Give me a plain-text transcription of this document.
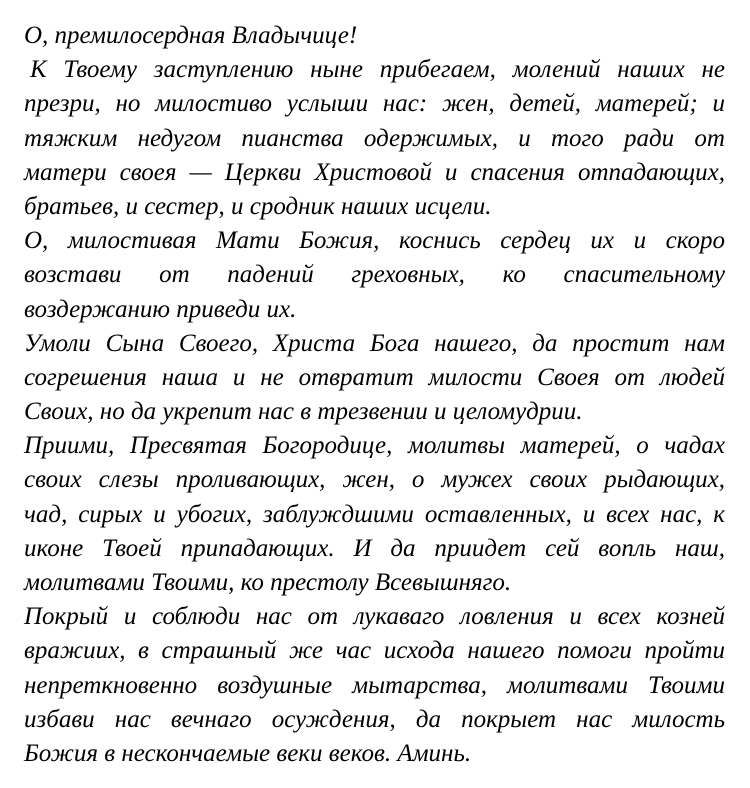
О, премилосердная Владычице!
К Твоему заступлению ныне прибегаем, молений наших не
презри, но милостиво услыши нас: жен, детей, матерей; и
тяжким недугом пианства одержимых, и того ради от
матери своея — Церкви Христовой и спасения отпадающих,
братьев, и сестер, и сродник наших исцели.
О, милостивая Мати Божия, коснись сердец их и скоро
возстави от падений греховных, ко спасительному
воздержанию приведи их.
Умоли Сына Своего, Христа Бога нашего, да простит нам
согрешения наша и не отвратит милости Своея от людей
Своих, но да укрепит нас в трезвении и целомудрии.
Приими, Пресвятая Богородице, молитвы матерей, о чадах
своих слезы проливающих, жен, о мужех своих рыдающих,
чад, сирых и убогих, заблуждшими оставленных, и всех нас, к
иконе Твоей припадающих. И да приидет сей вопль наш,
молитвами Твоими, ко престолу Всевышняго.
Покрый и соблюди нас от лукаваго ловления и всех козней
вражиих, в страшный же час исхода нашего помоги пройти
непреткновенно воздушные мытарства, молитвами Твоими
избави нас вечнаго осуждения, да покрыет нас милость
Божия в нескончаемые веки веков. Аминь.
